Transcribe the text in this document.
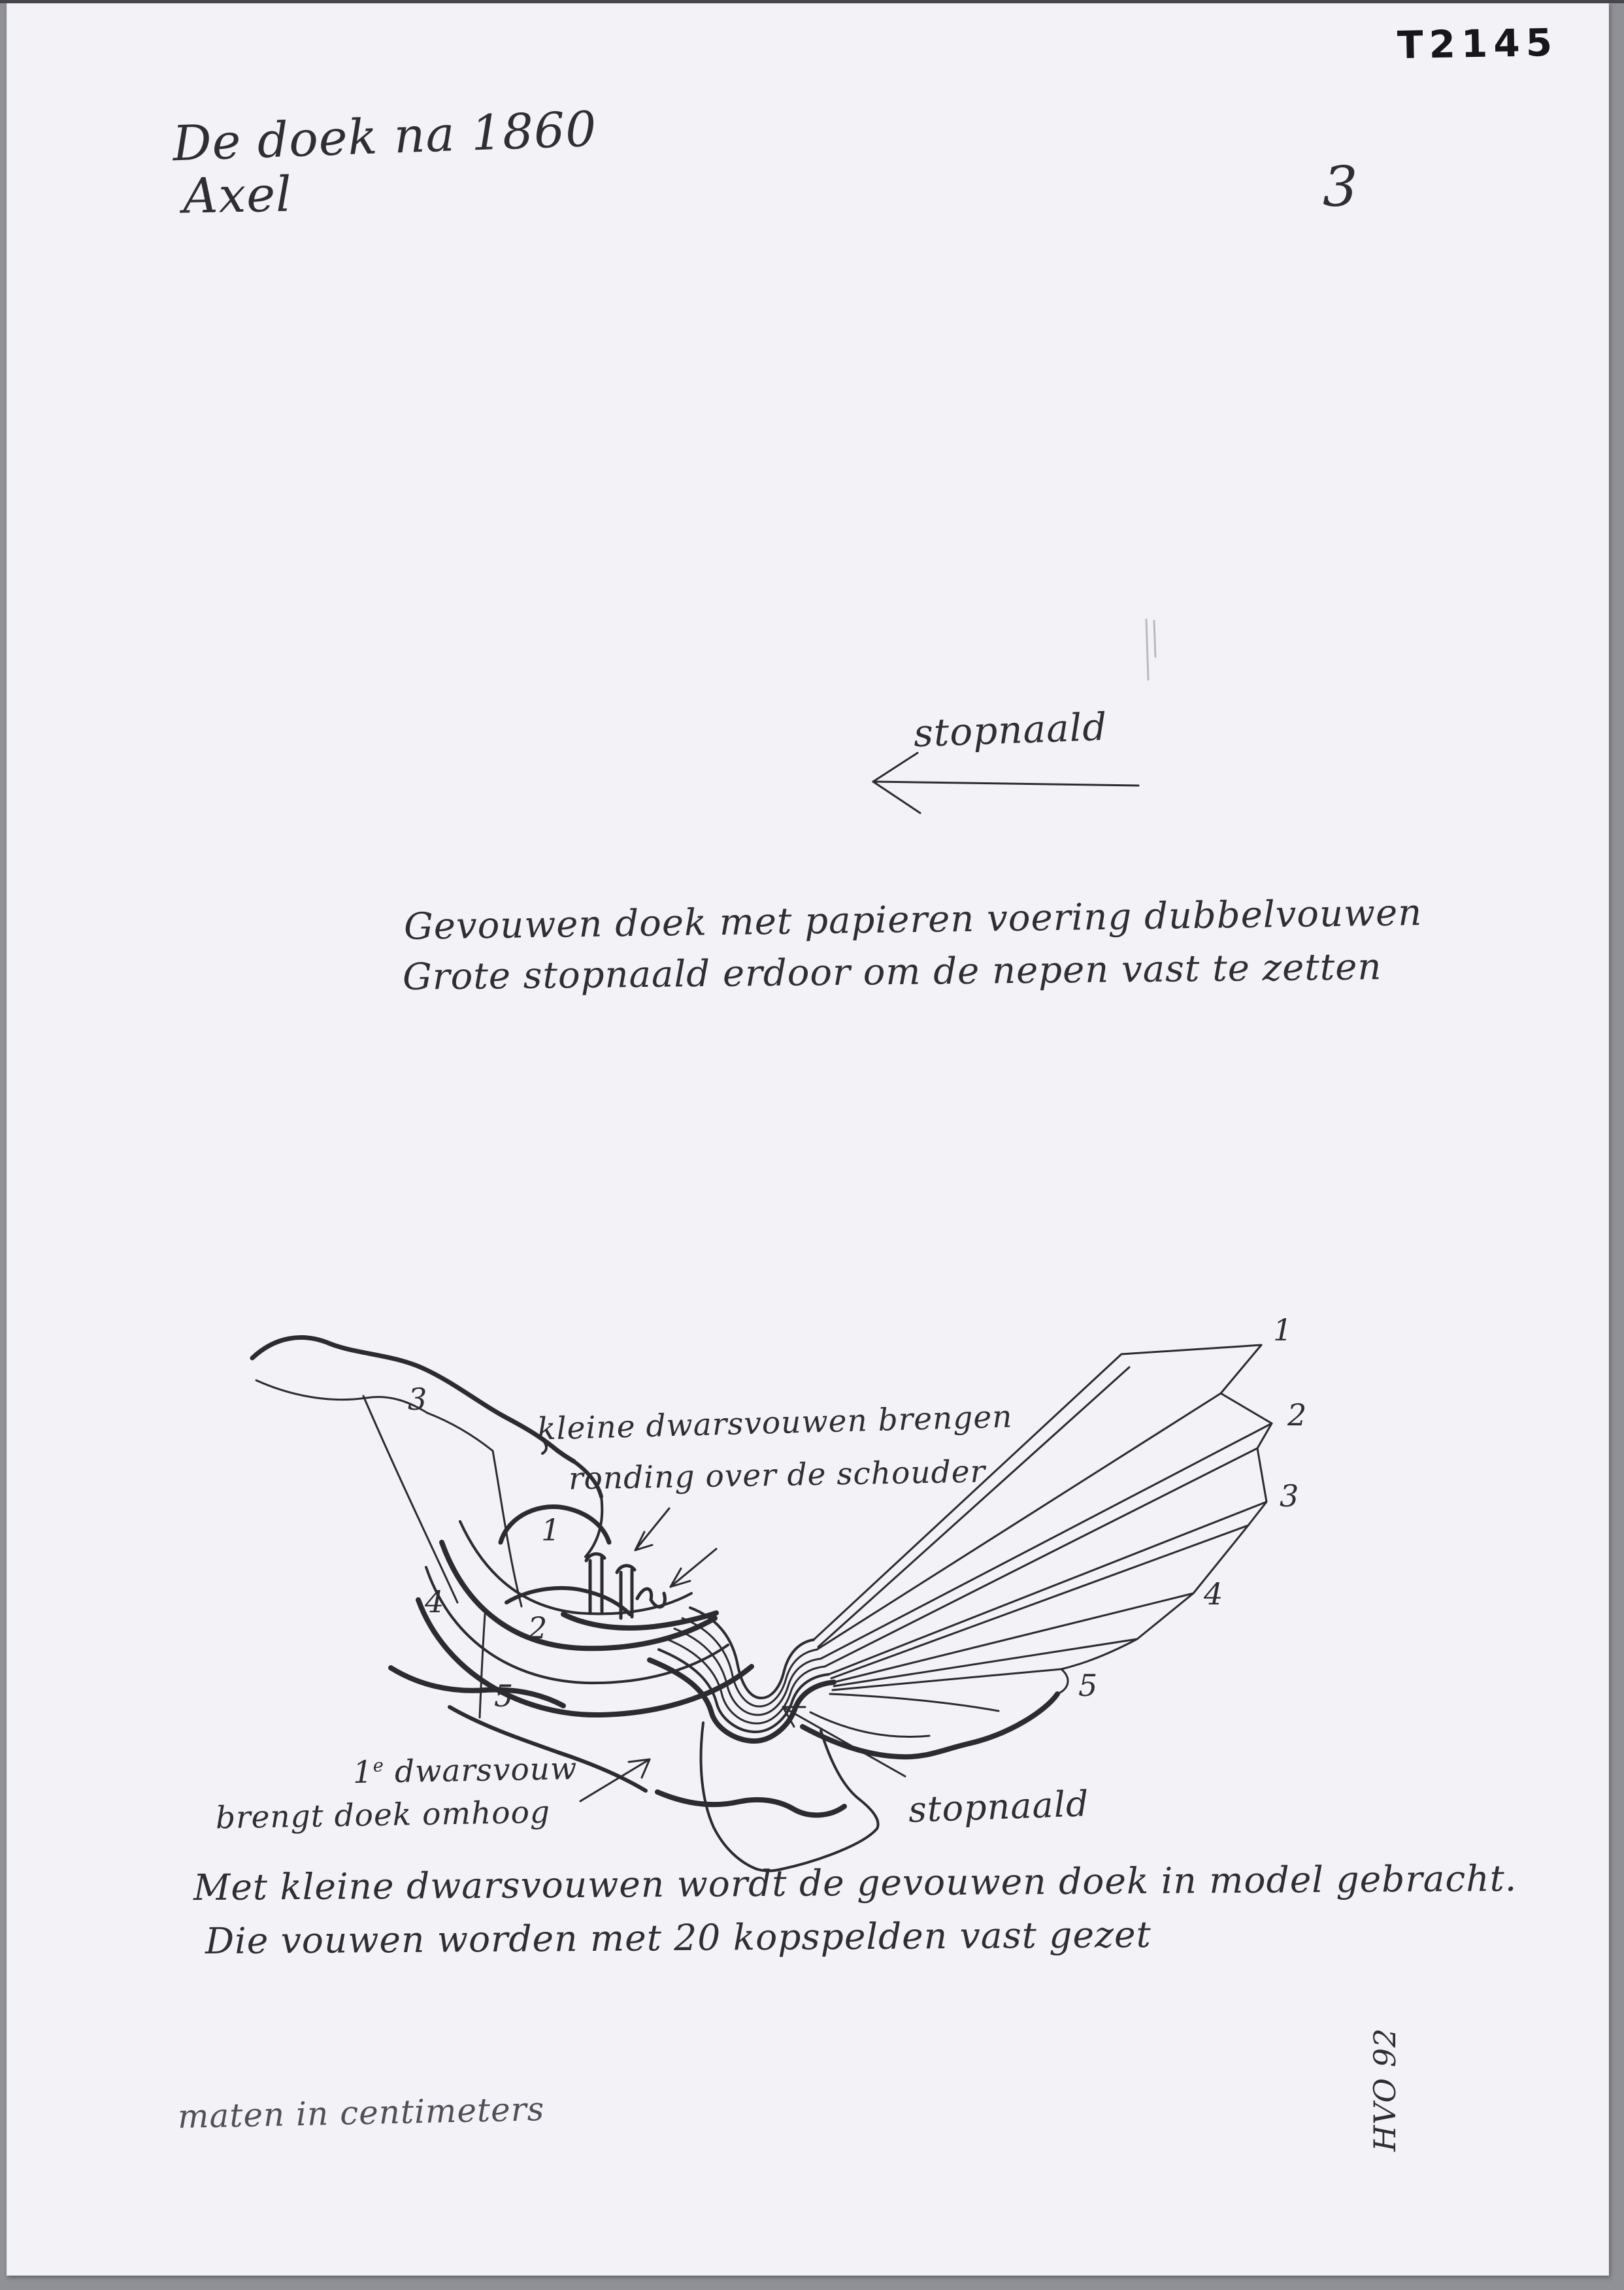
T2145
De doek na 1860
Axel	3
stopnaald
Gevouwen doek met papieren voering dubbelvouwen
Grote stopnaald erdoor om de nepen vast te zetten
kleine dwarsvouwen brengen
ronding over de schouder
1e dwarsvouw
brengt doek omhoog	stopnaald
Met kleine dwarsvouwen wordt de gevouwen doek in model gebracht.
Die vouwen worden met 20 kopspelden vast gezet
maten in centimeters	HVO 92
3
1
2
4
5
1
2
3
4
5
